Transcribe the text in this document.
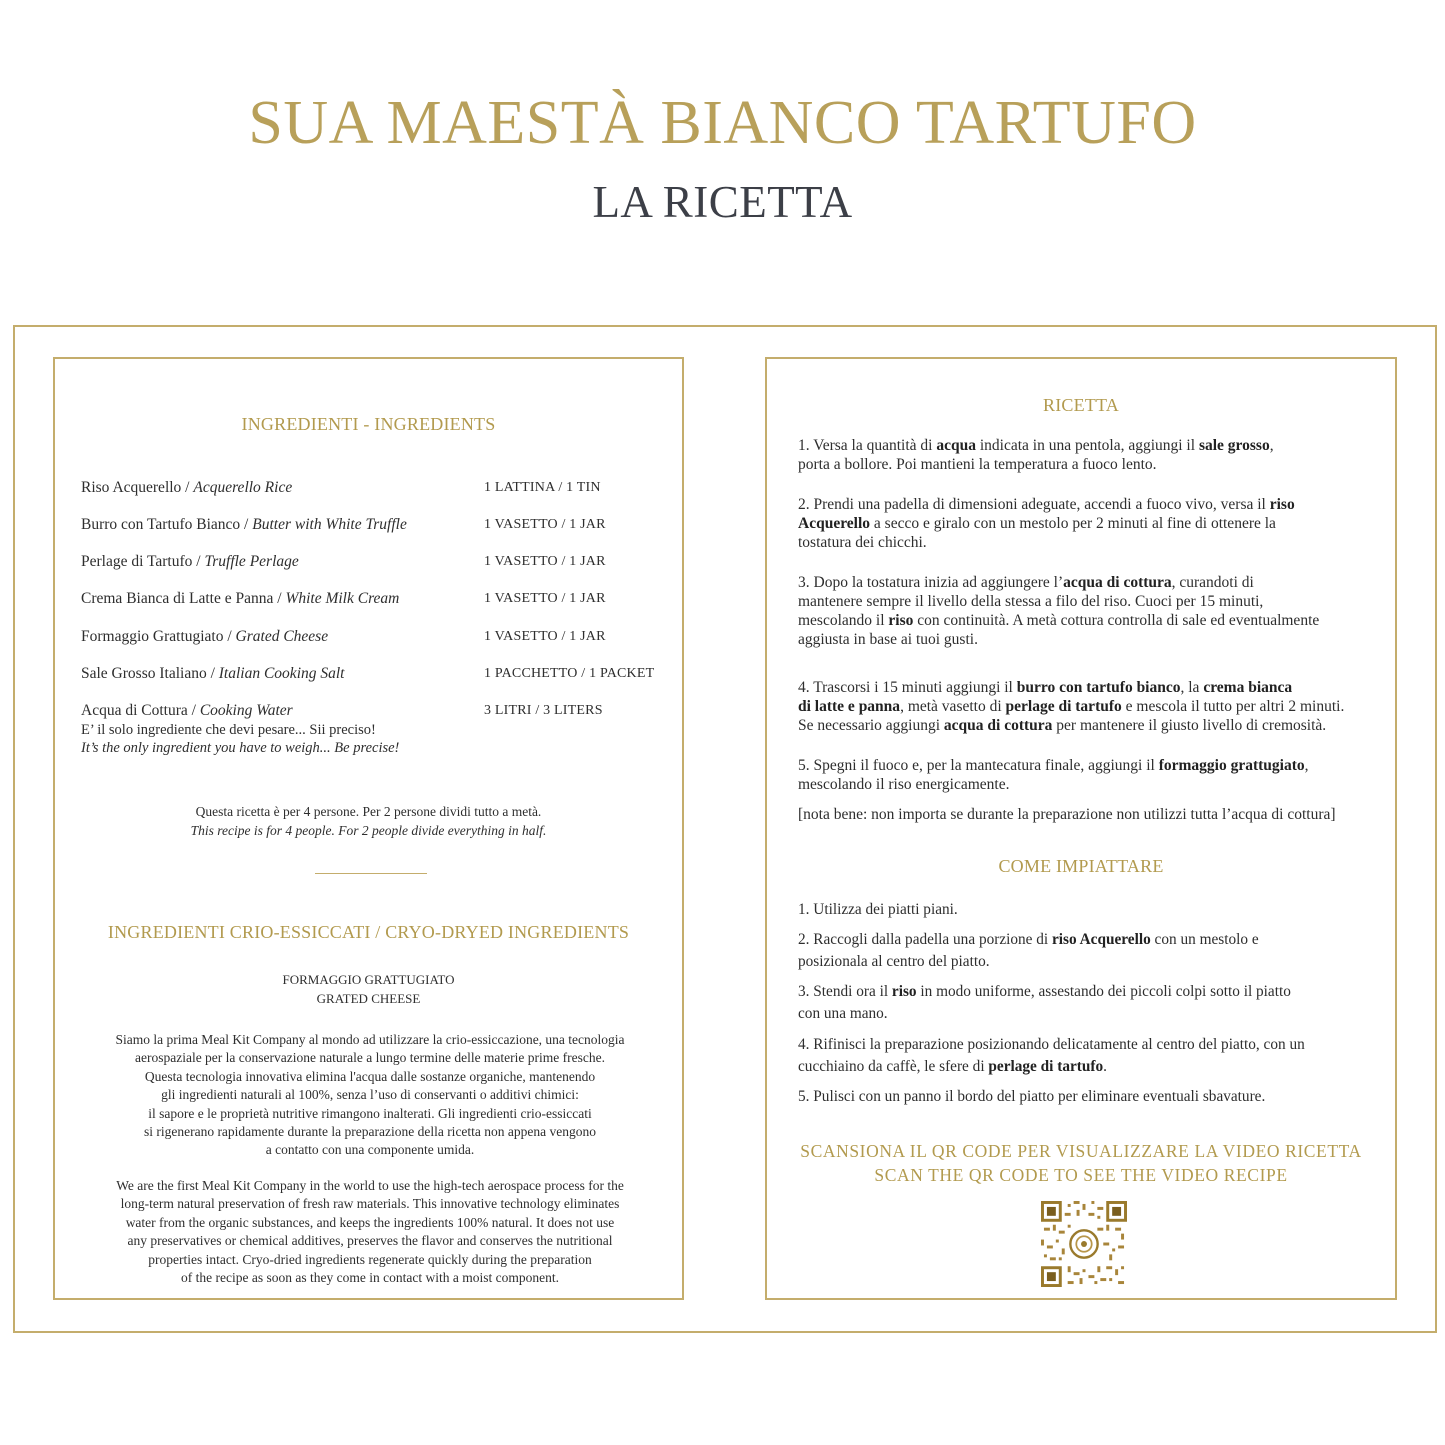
SUA MAESTÀ BIANCO TARTUFO
LA RICETTA
INGREDIENTI - INGREDIENTS
Riso Acquerello / Acquerello Rice	1 LATTINA / 1 TIN
Burro con Tartufo Bianco / Butter with White Truffle	1 VASETTO / 1 JAR
Perlage di Tartufo / Truffle Perlage	1 VASETTO / 1 JAR
Crema Bianca di Latte e Panna / White Milk Cream	1 VASETTO / 1 JAR
Formaggio Grattugiato / Grated Cheese	1 VASETTO / 1 JAR
Sale Grosso Italiano / Italian Cooking Salt	1 PACCHETTO / 1 PACKET
Acqua di Cottura / Cooking Water	3 LITRI / 3 LITERS
E’ il solo ingrediente che devi pesare... Sii preciso!
It’s the only ingredient you have to weigh... Be precise!
Questa ricetta è per 4 persone. Per 2 persone dividi tutto a metà.
This recipe is for 4 people. For 2 people divide everything in half.
INGREDIENTI CRIO-ESSICCATI / CRYO-DRYED INGREDIENTS
FORMAGGIO GRATTUGIATO
GRATED CHEESE
Siamo la prima Meal Kit Company al mondo ad utilizzare la crio-essiccazione, una tecnologia
aerospaziale per la conservazione naturale a lungo termine delle materie prime fresche.
Questa tecnologia innovativa elimina l'acqua dalle sostanze organiche, mantenendo
gli ingredienti naturali al 100%, senza l’uso di conservanti o additivi chimici:
il sapore e le proprietà nutritive rimangono inalterati. Gli ingredienti crio-essiccati
si rigenerano rapidamente durante la preparazione della ricetta non appena vengono
a contatto con una componente umida.
We are the first Meal Kit Company in the world to use the high-tech aerospace process for the
long-term natural preservation of fresh raw materials. This innovative technology eliminates
water from the organic substances, and keeps the ingredients 100% natural. It does not use
any preservatives or chemical additives, preserves the flavor and conserves the nutritional
properties intact. Cryo-dried ingredients regenerate quickly during the preparation
of the recipe as soon as they come in contact with a moist component.
RICETTA
1. Versa la quantità di acqua indicata in una pentola, aggiungi il sale grosso,
porta a bollore. Poi mantieni la temperatura a fuoco lento.
2. Prendi una padella di dimensioni adeguate, accendi a fuoco vivo, versa il riso
Acquerello a secco e giralo con un mestolo per 2 minuti al fine di ottenere la
tostatura dei chicchi.
3. Dopo la tostatura inizia ad aggiungere l’acqua di cottura, curandoti di
mantenere sempre il livello della stessa a filo del riso. Cuoci per 15 minuti,
mescolando il riso con continuità. A metà cottura controlla di sale ed eventualmente
aggiusta in base ai tuoi gusti.
4. Trascorsi i 15 minuti aggiungi il burro con tartufo bianco, la crema bianca
di latte e panna, metà vasetto di perlage di tartufo e mescola il tutto per altri 2 minuti.
Se necessario aggiungi acqua di cottura per mantenere il giusto livello di cremosità.
5. Spegni il fuoco e, per la mantecatura finale, aggiungi il formaggio grattugiato,
mescolando il riso energicamente.
[nota bene: non importa se durante la preparazione non utilizzi tutta l’acqua di cottura]
COME IMPIATTARE
1. Utilizza dei piatti piani.
2. Raccogli dalla padella una porzione di riso Acquerello con un mestolo e
posizionala al centro del piatto.
3. Stendi ora il riso in modo uniforme, assestando dei piccoli colpi sotto il piatto
con una mano.
4. Rifinisci la preparazione posizionando delicatamente al centro del piatto, con un
cucchiaino da caffè, le sfere di perlage di tartufo.
5. Pulisci con un panno il bordo del piatto per eliminare eventuali sbavature.
SCANSIONA IL QR CODE PER VISUALIZZARE LA VIDEO RICETTA
SCAN THE QR CODE TO SEE THE VIDEO RECIPE
